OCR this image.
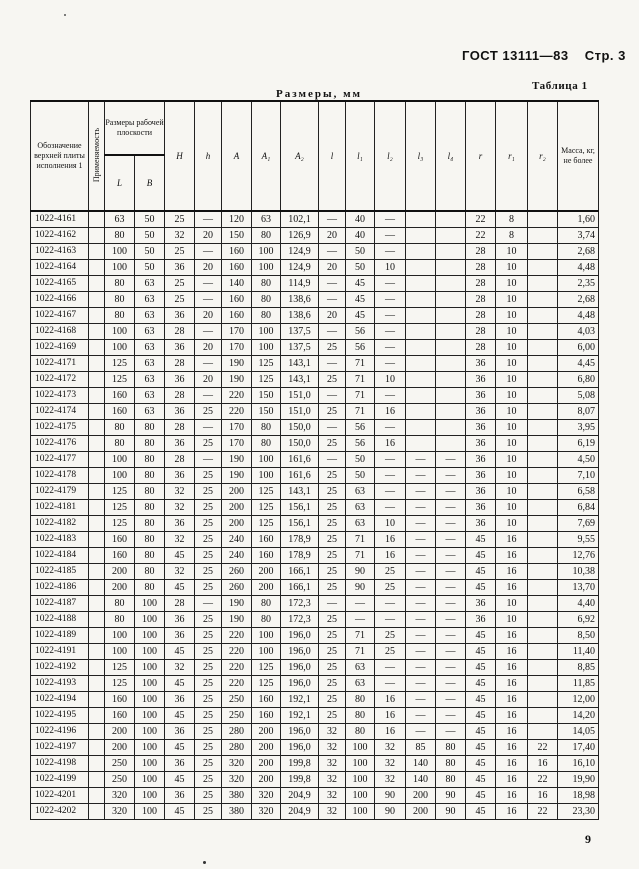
ГОСТ 13111—83 Стр. 3
Таблица 1
Размеры, мм
Обозначение верхней плиты исполнения 1	Применяемость	Размеры рабочей плоскости		H	h	A	A₁	A₂	l	l₁	l₂	l₃	l₄	r	r₁	r₂	Масса, кг, не более
		L	B														
1022-4161		63	50	25	—	120	63	102,1	—	40	—			22	8		1,60
1022-4162		80	50	32	20	150	80	126,9	20	40	—			22	8		3,74
1022-4163		100	50	25	—	160	100	124,9	—	50	—			28	10		2,68
1022-4164		100	50	36	20	160	100	124,9	20	50	10			28	10		4,48
1022-4165		80	63	25	—	140	80	114,9	—	45	—			28	10		2,35
1022-4166		80	63	25	—	160	80	138,6	—	45	—			28	10		2,68
1022-4167		80	63	36	20	160	80	138,6	20	45	—			28	10		4,48
1022-4168		100	63	28	—	170	100	137,5	—	56	—			28	10		4,03
1022-4169		100	63	36	20	170	100	137,5	25	56	—			28	10		6,00
1022-4171		125	63	28	—	190	125	143,1	—	71	—			36	10		4,45
1022-4172		125	63	36	20	190	125	143,1	25	71	10			36	10		6,80
1022-4173		160	63	28	—	220	150	151,0	—	71	—			36	10		5,08
1022-4174		160	63	36	25	220	150	151,0	25	71	16			36	10		8,07
1022-4175		80	80	28	—	170	80	150,0	—	56	—			36	10		3,95
1022-4176		80	80	36	25	170	80	150,0	25	56	16			36	10		6,19
1022-4177		100	80	28	—	190	100	161,6	—	50	—	—	—	36	10		4,50
1022-4178		100	80	36	25	190	100	161,6	25	50	—	—	—	36	10		7,10
1022-4179		125	80	32	25	200	125	143,1	25	63	—	—	—	36	10		6,58
1022-4181		125	80	32	25	200	125	156,1	25	63	—	—	—	36	10		6,84
1022-4182		125	80	36	25	200	125	156,1	25	63	10	—	—	36	10		7,69
1022-4183		160	80	32	25	240	160	178,9	25	71	16	—	—	45	16		9,55
1022-4184		160	80	45	25	240	160	178,9	25	71	16	—	—	45	16		12,76
1022-4185		200	80	32	25	260	200	166,1	25	90	25	—	—	45	16		10,38
1022-4186		200	80	45	25	260	200	166,1	25	90	25	—	—	45	16		13,70
1022-4187		80	100	28	—	190	80	172,3	—	—	—	—	—	36	10		4,40
1022-4188		80	100	36	25	190	80	172,3	25	—	—	—	—	36	10		6,92
1022-4189		100	100	36	25	220	100	196,0	25	71	25	—	—	45	16		8,50
1022-4191		100	100	45	25	220	100	196,0	25	71	25	—	—	45	16		11,40
1022-4192		125	100	32	25	220	125	196,0	25	63	—	—	—	45	16		8,85
1022-4193		125	100	45	25	220	125	196,0	25	63	—	—	—	45	16		11,85
1022-4194		160	100	36	25	250	160	192,1	25	80	16	—	—	45	16		12,00
1022-4195		160	100	45	25	250	160	192,1	25	80	16	—	—	45	16		14,20
1022-4196		200	100	36	25	280	200	196,0	32	80	16	—	—	45	16		14,05
1022-4197		200	100	45	25	280	200	196,0	32	100	32	85	80	45	16	22	17,40
1022-4198		250	100	36	25	320	200	199,8	32	100	32	140	80	45	16	16	16,10
1022-4199		250	100	45	25	320	200	199,8	32	100	32	140	80	45	16	22	19,90
1022-4201		320	100	36	25	380	320	204,9	32	100	90	200	90	45	16	16	18,98
1022-4202		320	100	45	25	380	320	204,9	32	100	90	200	90	45	16	22	23,30
9
